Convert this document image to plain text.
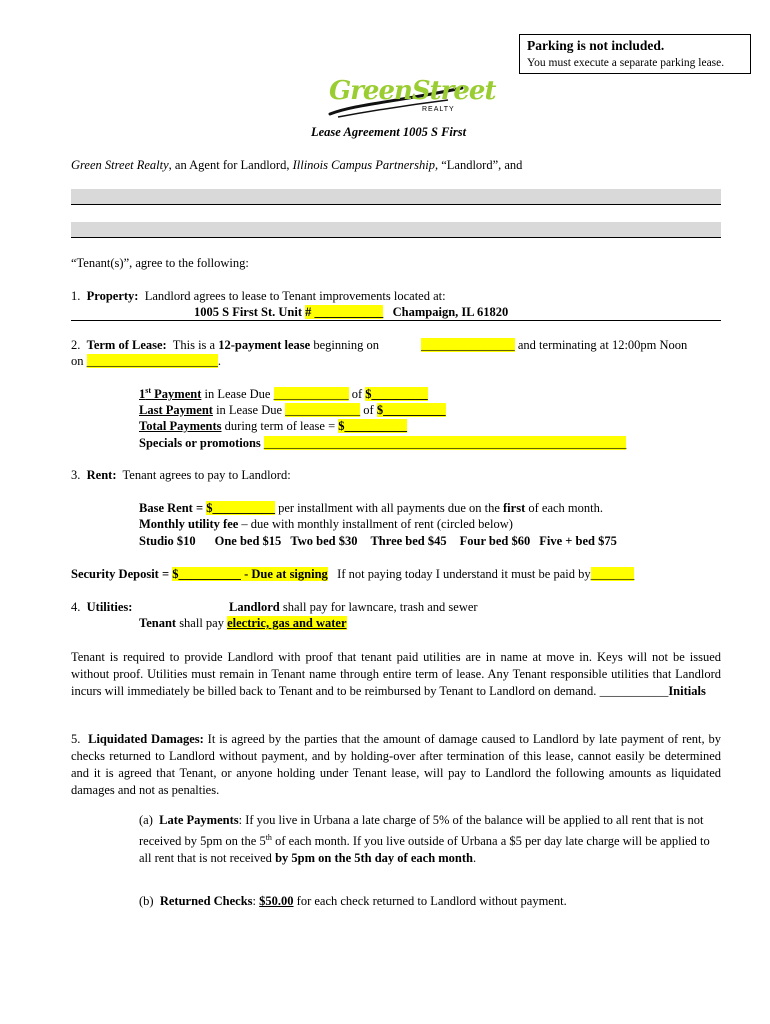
Parking is not included.
You must execute a separate parking lease.
GreenStreet
REALTY
Lease Agreement 1005 S First
Green Street Realty, an Agent for Landlord, Illinois Campus Partnership, “Landlord”, and
“Tenant(s)”, agree to the following:
1. Property: Landlord agrees to lease to Tenant improvements located at:
1005 S First St. Unit # ___________ Champaign, IL 61820
2. Term of Lease: This is a 12-payment lease beginning on	_______________ and terminating at 12:00pm Noon
on _____________________.
1st Payment in Lease Due ____________ of $_________
Last Payment in Lease Due ____________ of $__________
Total Payments during term of lease = $__________
Specials or promotions __________________________________________________________
3. Rent: Tenant agrees to pay to Landlord:
Base Rent = $__________ per installment with all payments due on the first of each month.
Monthly utility fee – due with monthly installment of rent (circled below)
Studio $10 One bed $15 Two bed $30 Three bed $45 Four bed $60 Five + bed $75
Security Deposit = $__________ - Due at signing If not paying today I understand it must be paid by_______
4. Utilities:	Landlord shall pay for lawncare, trash and sewer
Tenant shall pay electric, gas and water
Tenant is required to provide Landlord with proof that tenant paid utilities are in name at move in. Keys will not be issued without proof. Utilities must remain in Tenant name through entire term of lease. Any Tenant responsible utilities that Landlord incurs will immediately be billed back to Tenant and to be reimbursed by Tenant to Landlord on demand. ___________Initials
5. Liquidated Damages: It is agreed by the parties that the amount of damage caused to Landlord by late payment of rent, by checks returned to Landlord without payment, and by holding-over after termination of this lease, cannot easily be determined and it is agreed that Tenant, or anyone holding under Tenant lease, will pay to Landlord the following amounts as liquidated damages and not as penalties.
(a) Late Payments: If you live in Urbana a late charge of 5% of the balance will be applied to all rent that is not received by 5pm on the 5th of each month. If you live outside of Urbana a $5 per day late charge will be applied to all rent that is not received by 5pm on the 5th day of each month.
(b) Returned Checks: $50.00 for each check returned to Landlord without payment.
